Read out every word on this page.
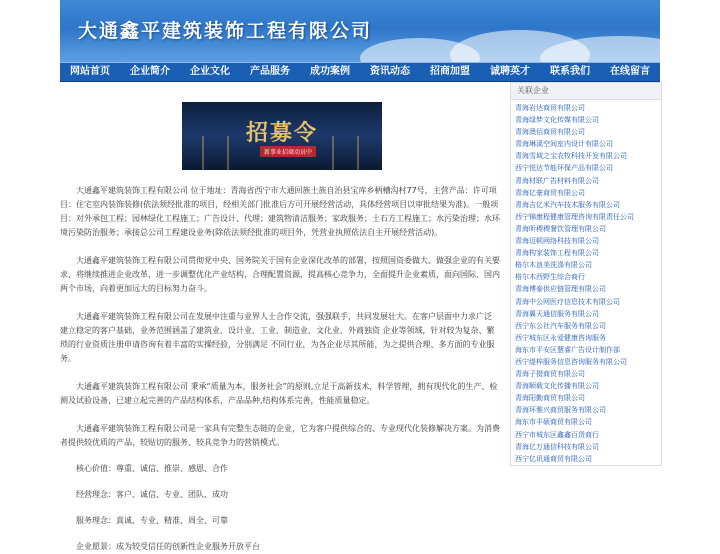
大通鑫平建筑装饰工程有限公司
网站首页	企业简介	企业文化	产品服务	成功案例	资讯动态	招商加盟	诚聘英才	联系我们	在线留言
招募令
新事业招商动员中

大通鑫平建筑装饰工程有限公司 位于地址：青海省西宁市大通回族土族自治县宝库乡柄槽沟村77号，主营产品：许可项目：住宅室内装饰装修(依法须经批准的项目，经相关部门批准后方可开展经营活动，具体经营项目以审批结果为准)。一般项目：对外承包工程；园林绿化工程施工；广告设计、代理；建筑物清洁服务；家政服务；土石方工程施工；水污染治理；水环境污染防治服务；承接总公司工程建设业务(除依法须经批准的项目外，凭营业执照依法自主开展经营活动)。

大通鑫平建筑装饰工程有限公司贯彻党中央、国务院关于国有企业深化改革的部署，按照国资委做大、做强企业的有关要求，将继续推进企业改革，进一步调整优化产业结构，合理配置资源，提高核心竞争力，全面提升企业素质，面向国际、国内两个市场，向着更加远大的目标努力奋斗。

大通鑫平建筑装饰工程有限公司在发展中注重与业界人士合作交流，强强联手，共同发展壮大。在客户层面中力求广泛 建立稳定的客户基础，业务范围涵盖了建筑业、设计业、工业、制造业、文化业、外商独资 企业等领域，针对较为复杂、繁琐的行业资质注册申请咨询有着丰富的实操经验，分别满足 不同行业，为各企业尽其所能，为之提供合理、多方面的专业服务。

大通鑫平建筑装饰工程有限公司 秉承“质量为本，服务社会”的原则,立足于高新技术，科学管理，拥有现代化的生产、检测及试验设备，已建立起完善的产品结构体系，产品品种,结构体系完善，性能质量稳定。

大通鑫平建筑装饰工程有限公司是一家具有完整生态链的企业，它为客户提供综合的、专业现代化装修解决方案。为消费者提供较优质的产品、较贴切的服务、较具竞争力的营销模式。

核心价值：尊重、诚信、推崇、感恩、合作

经营理念：客户、诚信、专业、团队、成功

服务理念：真诚、专业、精准、周全、可靠

企业愿景：成为较受信任的创新性企业服务开放平台

关联企业
青海岩达商贸有限公司
青海绿梦文化传媒有限公司
青海澳佰商贸有限公司
青海琳溪空间室内设计有限公司
青海雪域之宝农牧科技开发有限公司
西宁悦达节能环保产品有限公司
青海材联广告材料有限公司
青海亿豪商贸有限公司
青海吉亿米汽车技术服务有限公司
西宁锦康程健康管理咨询有限责任公司
青海昕稷稷餐饮管理有限公司
青海迈顿网络科技有限公司
青海构家装饰工程有限公司
格尔木浪美洗涤有限公司
格尔木西野生综合商行
青海博泰供应链管理有限公司
青海中公网医疗信息技术有限公司
青海翼天通信服务有限公司
西宁东公社汽车服务有限公司
西宁城东区永爱健康咨询服务
海东市平安区慧睿广告设计制作部
西宁缇梓服务信息咨询服务有限公司
青海子掇商贸有限公司
青海顺载文化传播有限公司
青海阳勤商贸有限公司
青海环雅兴商贸服务有限公司
海东市丰硕商贸有限公司
西宁市城东区鑫鑫百货商行
青海亿万通信科技有限公司
西宁亿讯通商贸有限公司
